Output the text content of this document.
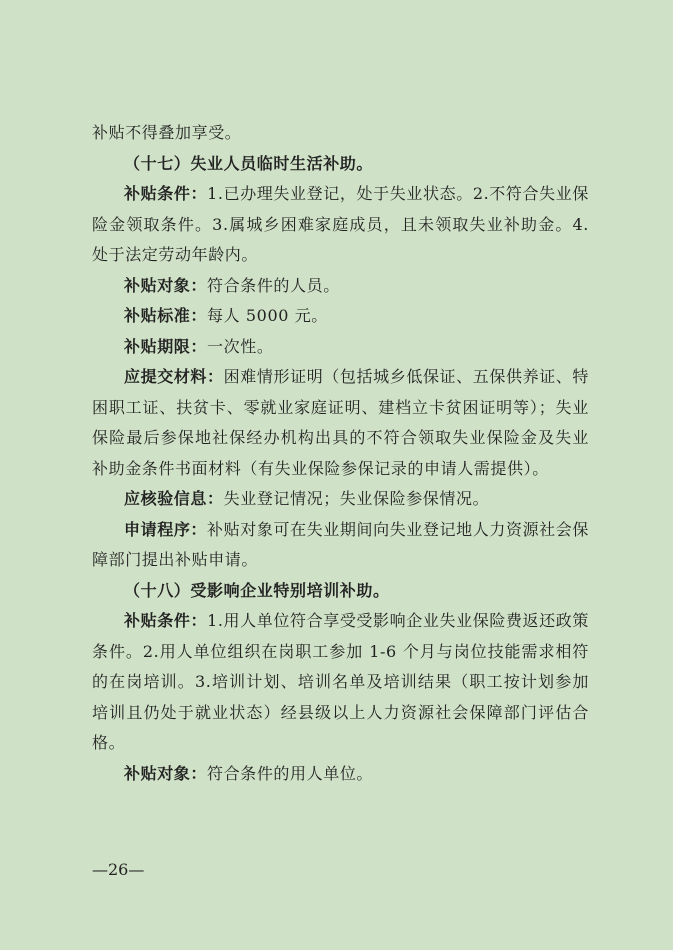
补贴不得叠加享受。

（十七）失业人员临时生活补助。

补贴条件：1.已办理失业登记，处于失业状态。2.不符合失业保险金领取条件。3.属城乡困难家庭成员，且未领取失业补助金。4.处于法定劳动年龄内。

补贴对象：符合条件的人员。

补贴标准：每人 5000 元。

补贴期限：一次性。

应提交材料：困难情形证明（包括城乡低保证、五保供养证、特困职工证、扶贫卡、零就业家庭证明、建档立卡贫困证明等）；失业保险最后参保地社保经办机构出具的不符合领取失业保险金及失业补助金条件书面材料（有失业保险参保记录的申请人需提供）。

应核验信息：失业登记情况；失业保险参保情况。

申请程序：补贴对象可在失业期间向失业登记地人力资源社会保障部门提出补贴申请。

（十八）受影响企业特别培训补助。

补贴条件：1.用人单位符合享受受影响企业失业保险费返还政策条件。2.用人单位组织在岗职工参加 1-6 个月与岗位技能需求相符的在岗培训。3.培训计划、培训名单及培训结果（职工按计划参加培训且仍处于就业状态）经县级以上人力资源社会保障部门评估合格。

补贴对象：符合条件的用人单位。

—26—
